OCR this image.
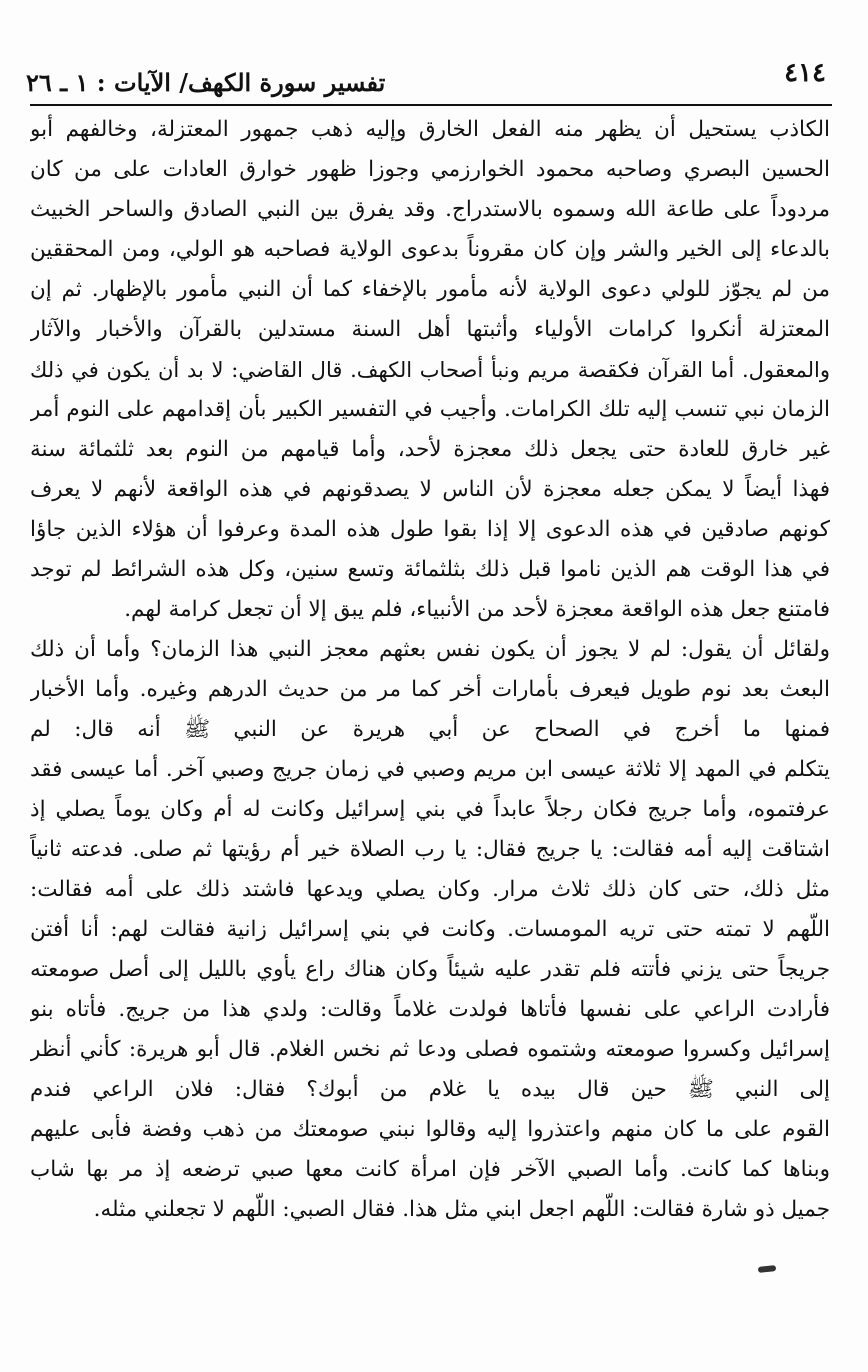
٤١٤
تفسير سورة الكهف/ الآيات : ١ ـ ٢٦
الكاذب يستحيل أن يظهر منه الفعل الخارق وإليه ذهب جمهور المعتزلة، وخالفهم أبو
الحسين البصري وصاحبه محمود الخوارزمي وجوزا ظهور خوارق العادات على من كان
مردوداً على طاعة الله وسموه بالاستدراج. وقد يفرق بين النبي الصادق والساحر الخبيث
بالدعاء إلى الخير والشر وإن كان مقروناً بدعوى الولاية فصاحبه هو الولي، ومن المحققين
من لم يجوّز للولي دعوى الولاية لأنه مأمور بالإخفاء كما أن النبي مأمور بالإظهار. ثم إن
المعتزلة أنكروا كرامات الأولياء وأثبتها أهل السنة مستدلين بالقرآن والأخبار والآثار
والمعقول. أما القرآن فكقصة مريم ونبأ أصحاب الكهف. قال القاضي: لا بد أن يكون في ذلك
الزمان نبي تنسب إليه تلك الكرامات. وأجيب في التفسير الكبير بأن إقدامهم على النوم أمر
غير خارق للعادة حتى يجعل ذلك معجزة لأحد، وأما قيامهم من النوم بعد ثلثمائة سنة
فهذا أيضاً لا يمكن جعله معجزة لأن الناس لا يصدقونهم في هذه الواقعة لأنهم لا يعرف
كونهم صادقين في هذه الدعوى إلا إذا بقوا طول هذه المدة وعرفوا أن هؤلاء الذين جاؤا
في هذا الوقت هم الذين ناموا قبل ذلك بثلثمائة وتسع سنين، وكل هذه الشرائط لم توجد
فامتنع جعل هذه الواقعة معجزة لأحد من الأنبياء، فلم يبق إلا أن تجعل كرامة لهم.
ولقائل أن يقول: لم لا يجوز أن يكون نفس بعثهم معجز النبي هذا الزمان؟ وأما أن ذلك
البعث بعد نوم طويل فيعرف بأمارات أخر كما مر من حديث الدرهم وغيره. وأما الأخبار
فمنها ما أخرج في الصحاح عن أبي هريرة عن النبي ﷺ أنه قال: لم
يتكلم في المهد إلا ثلاثة عيسى ابن مريم وصبي في زمان جريج وصبي آخر. أما عيسى فقد
عرفتموه، وأما جريج فكان رجلاً عابداً في بني إسرائيل وكانت له أم وكان يوماً يصلي إذ
اشتاقت إليه أمه فقالت: يا جريج فقال: يا رب الصلاة خير أم رؤيتها ثم صلى. فدعته ثانياً
مثل ذلك، حتى كان ذلك ثلاث مرار. وكان يصلي ويدعها فاشتد ذلك على أمه فقالت:
اللّهم لا تمته حتى تريه المومسات. وكانت في بني إسرائيل زانية فقالت لهم: أنا أفتن
جريجاً حتى يزني فأتته فلم تقدر عليه شيئاً وكان هناك راع يأوي بالليل إلى أصل صومعته
فأرادت الراعي على نفسها فأتاها فولدت غلاماً وقالت: ولدي هذا من جريج. فأتاه بنو
إسرائيل وكسروا صومعته وشتموه فصلى ودعا ثم نخس الغلام. قال أبو هريرة: كأني أنظر
إلى النبي ﷺ حين قال بيده يا غلام من أبوك؟ فقال: فلان الراعي فندم
القوم على ما كان منهم واعتذروا إليه وقالوا نبني صومعتك من ذهب وفضة فأبى عليهم
وبناها كما كانت. وأما الصبي الآخر فإن امرأة كانت معها صبي ترضعه إذ مر بها شاب
جميل ذو شارة فقالت: اللّهم اجعل ابني مثل هذا. فقال الصبي: اللّهم لا تجعلني مثله.
